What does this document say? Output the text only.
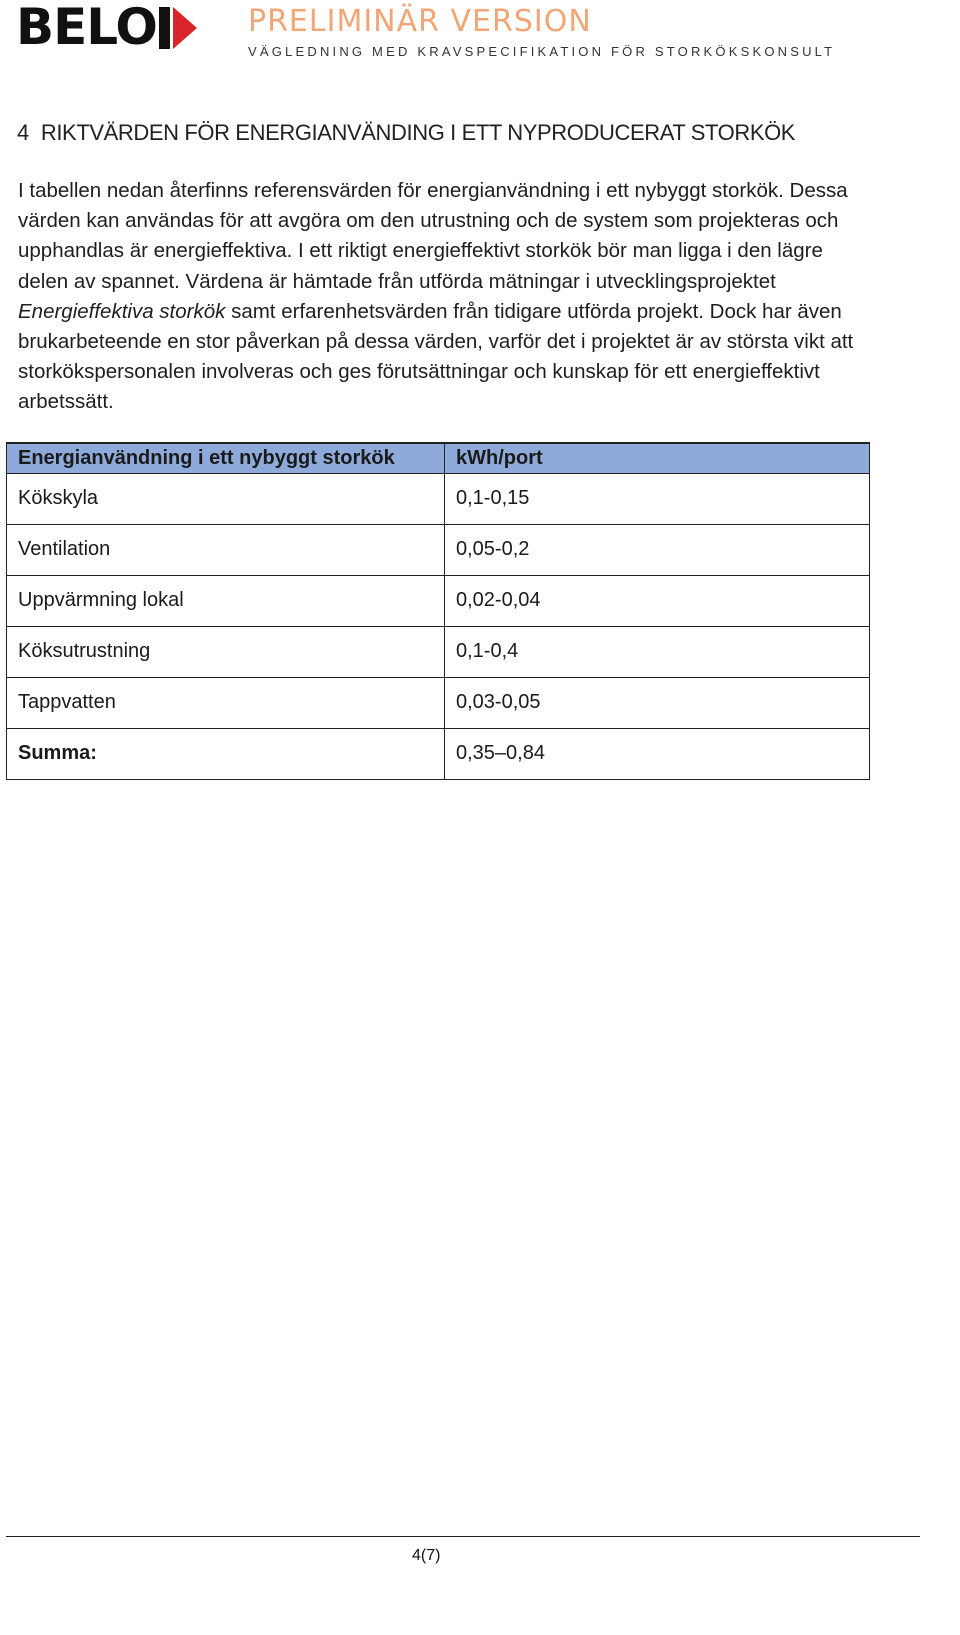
BELO	PRELIMINÄR VERSION
VÄGLEDNING MED KRAVSPECIFIKATION FÖR STORKÖKSKONSULT
4 RIKTVÄRDEN FÖR ENERGIANVÄNDING I ETT NYPRODUCERAT STORKÖK

I tabellen nedan återfinns referensvärden för energianvändning i ett nybyggt storkök. Dessa värden kan användas för att avgöra om den utrustning och de system som projekteras och upphandlas är energieffektiva. I ett riktigt energieffektivt storkök bör man ligga i den lägre delen av spannet. Värdena är hämtade från utförda mätningar i utvecklingsprojektet Energieffektiva storkök samt erfarenhetsvärden från tidigare utförda projekt. Dock har även brukarbeteende en stor påverkan på dessa värden, varför det i projektet är av största vikt att storkökspersonalen involveras och ges förutsättningar och kunskap för ett energieffektivt arbetssätt.

Energianvändning i ett nybyggt storkök	kWh/port
Kökskyla	0,1-0,15
Ventilation	0,05-0,2
Uppvärmning lokal	0,02-0,04
Köksutrustning	0,1-0,4
Tappvatten	0,03-0,05
Summa:	0,35–0,84
4(7)
